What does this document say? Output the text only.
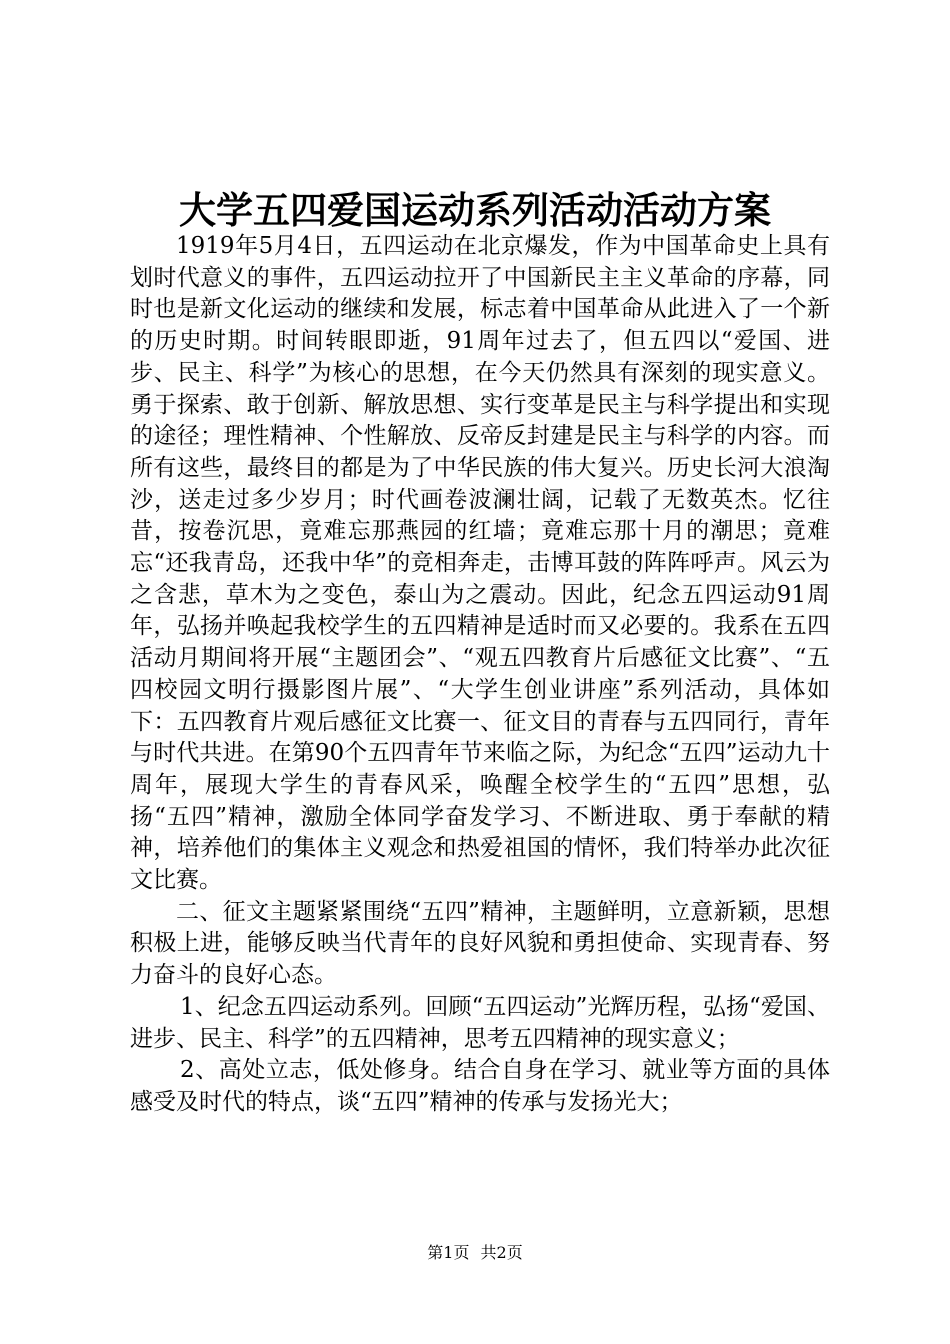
大学五四爱国运动系列活动活动方案

1919年5月4日，五四运动在北京爆发，作为中国革命史上具有划时代意义的事件，五四运动拉开了中国新民主主义革命的序幕，同时也是新文化运动的继续和发展，标志着中国革命从此进入了一个新的历史时期。时间转眼即逝，91周年过去了，但五四以“爱国、进步、民主、科学”为核心的思想，在今天仍然具有深刻的现实意义。勇于探索、敢于创新、解放思想、实行变革是民主与科学提出和实现的途径；理性精神、个性解放、反帝反封建是民主与科学的内容。而所有这些，最终目的都是为了中华民族的伟大复兴。历史长河大浪淘沙，送走过多少岁月；时代画卷波澜壮阔，记载了无数英杰。忆往昔，按卷沉思，竟难忘那燕园的红墙；竟难忘那十月的潮思；竟难忘“还我青岛，还我中华”的竞相奔走，击博耳鼓的阵阵呼声。风云为之含悲，草木为之变色，泰山为之震动。因此，纪念五四运动91周年，弘扬并唤起我校学生的五四精神是适时而又必要的。我系在五四活动月期间将开展“主题团会”、“观五四教育片后感征文比赛”、“五四校园文明行摄影图片展”、“大学生创业讲座”系列活动，具体如下：五四教育片观后感征文比赛一、征文目的青春与五四同行，青年与时代共进。在第90个五四青年节来临之际，为纪念“五四”运动九十周年，展现大学生的青春风采，唤醒全校学生的“五四”思想，弘扬“五四”精神，激励全体同学奋发学习、不断进取、勇于奉献的精神，培养他们的集体主义观念和热爱祖国的情怀，我们特举办此次征文比赛。

二、征文主题紧紧围绕“五四”精神，主题鲜明，立意新颖，思想积极上进，能够反映当代青年的良好风貌和勇担使命、实现青春、努力奋斗的良好心态。

1、纪念五四运动系列。回顾“五四运动”光辉历程，弘扬“爱国、进步、民主、科学”的五四精神，思考五四精神的现实意义；

2、高处立志，低处修身。结合自身在学习、就业等方面的具体感受及时代的特点，谈“五四”精神的传承与发扬光大；

第1页 共2页
